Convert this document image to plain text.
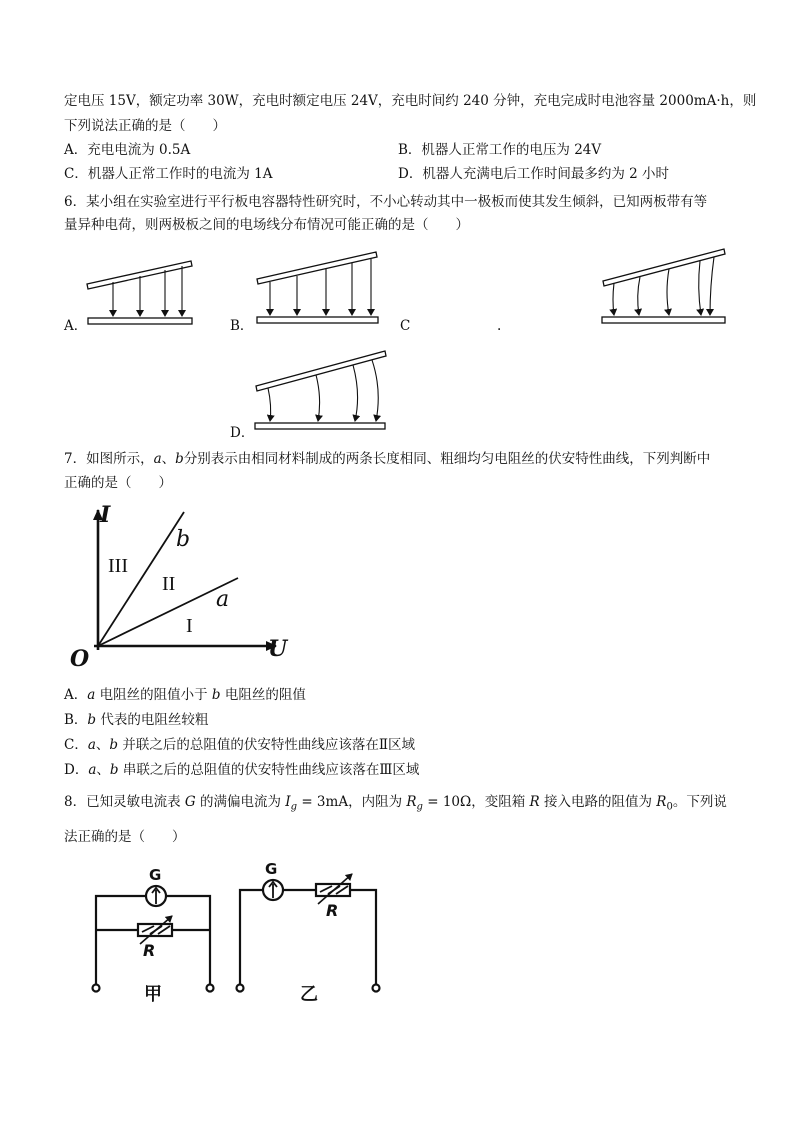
定电压 15V，额定功率 30W，充电时额定电压 24V，充电时间约 240 分钟，充电完成时电池容量 2000mA·h，则
下列说法正确的是（　　）
A．充电电流为 0.5A	B．机器人正常工作的电压为 24V
C．机器人正常工作时的电流为 1A	D．机器人充满电后工作时间最多约为 2 小时
6．某小组在实验室进行平行板电容器特性研究时，不小心转动其中一极板而使其发生倾斜，已知两板带有等
量异种电荷，则两极板之间的电场线分布情况可能正确的是（　　）
A．	B．	C	.
D．
7．如图所示，a、b分别表示由相同材料制成的两条长度相同、粗细均匀电阻丝的伏安特性曲线，下列判断中
正确的是（　　）
I
U
O
b
a
III
II
I
A．a 电阻丝的阻值小于 b 电阻丝的阻值
B．b 代表的电阻丝较粗
C．a、b 并联之后的总阻值的伏安特性曲线应该落在Ⅱ区域
D．a、b 串联之后的总阻值的伏安特性曲线应该落在Ⅲ区域
8．已知灵敏电流表 G 的满偏电流为 $I_g = 3mA$，内阻为 $R_g = 10\Omega$，变阻箱 R 接入电路的阻值为 $R_0$。下列说
法正确的是（　　）
G
R
甲
G
R
乙
